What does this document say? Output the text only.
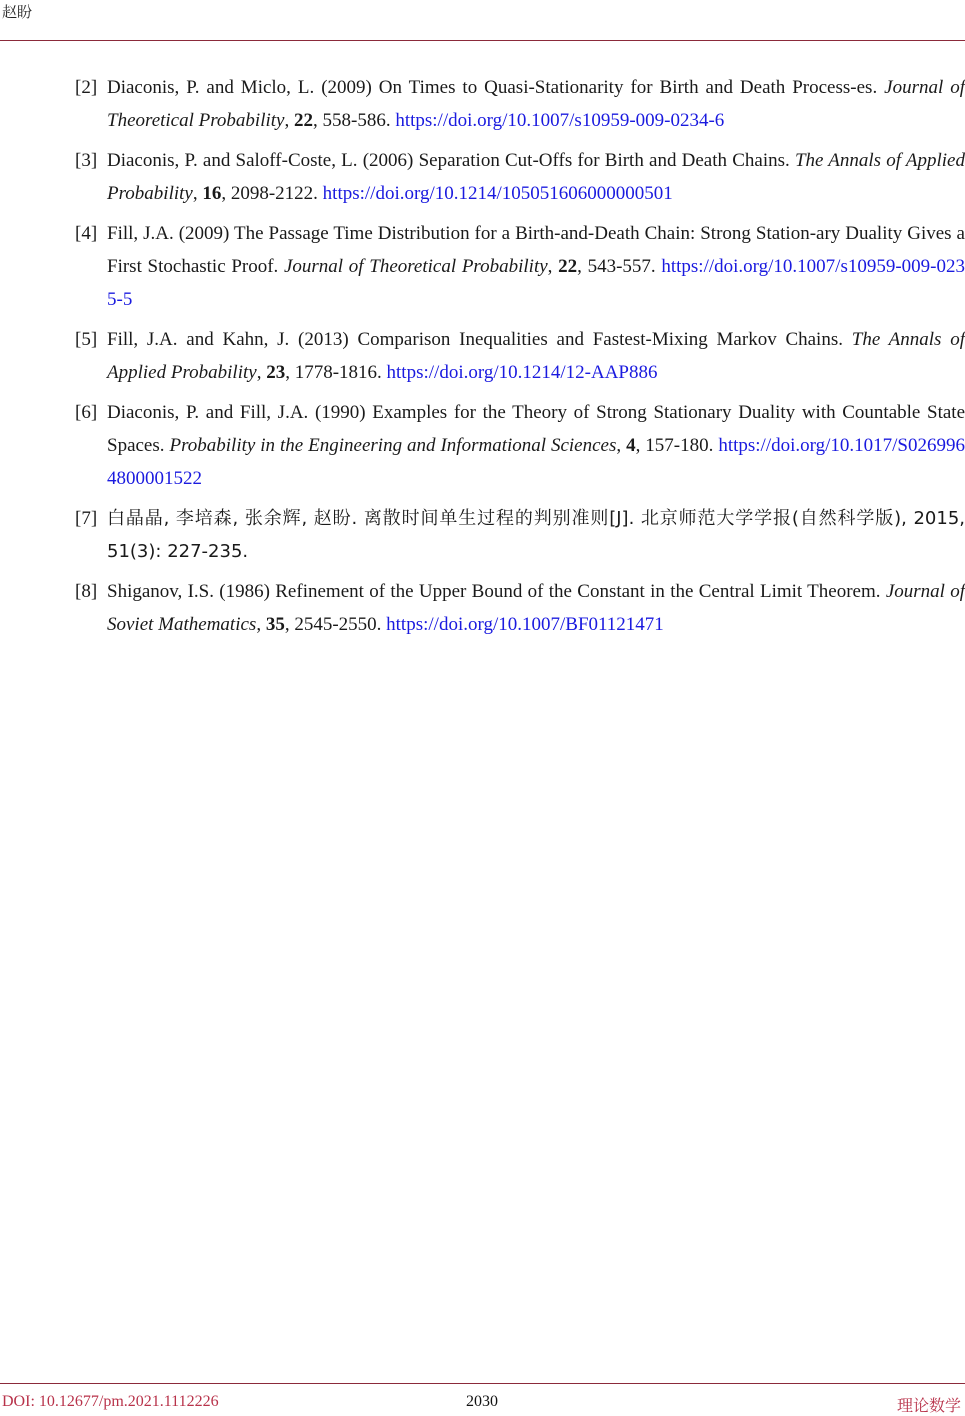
赵盼
[2] Diaconis, P. and Miclo, L. (2009) On Times to Quasi-Stationarity for Birth and Death Process-es. Journal of Theoretical Probability, 22, 558-586. https://doi.org/10.1007/s10959-009-0234-6
[3] Diaconis, P. and Saloff-Coste, L. (2006) Separation Cut-Offs for Birth and Death Chains. The Annals of Applied Probability, 16, 2098-2122. https://doi.org/10.1214/105051606000000501
[4] Fill, J.A. (2009) The Passage Time Distribution for a Birth-and-Death Chain: Strong Station-ary Duality Gives a First Stochastic Proof. Journal of Theoretical Probability, 22, 543-557. https://doi.org/10.1007/s10959-009-0235-5
[5] Fill, J.A. and Kahn, J. (2013) Comparison Inequalities and Fastest-Mixing Markov Chains. The Annals of Applied Probability, 23, 1778-1816. https://doi.org/10.1214/12-AAP886
[6] Diaconis, P. and Fill, J.A. (1990) Examples for the Theory of Strong Stationary Duality with Countable State Spaces. Probability in the Engineering and Informational Sciences, 4, 157-180. https://doi.org/10.1017/S0269964800001522
[7] 白晶晶, 李培森, 张余辉, 赵盼. 离散时间单生过程的判别准则[J]. 北京师范大学学报(自然科学版), 2015, 51(3): 227-235.
[8] Shiganov, I.S. (1986) Refinement of the Upper Bound of the Constant in the Central Limit Theorem. Journal of Soviet Mathematics, 35, 2545-2550. https://doi.org/10.1007/BF01121471
DOI: 10.12677/pm.2021.1112226	2030	理论数学
